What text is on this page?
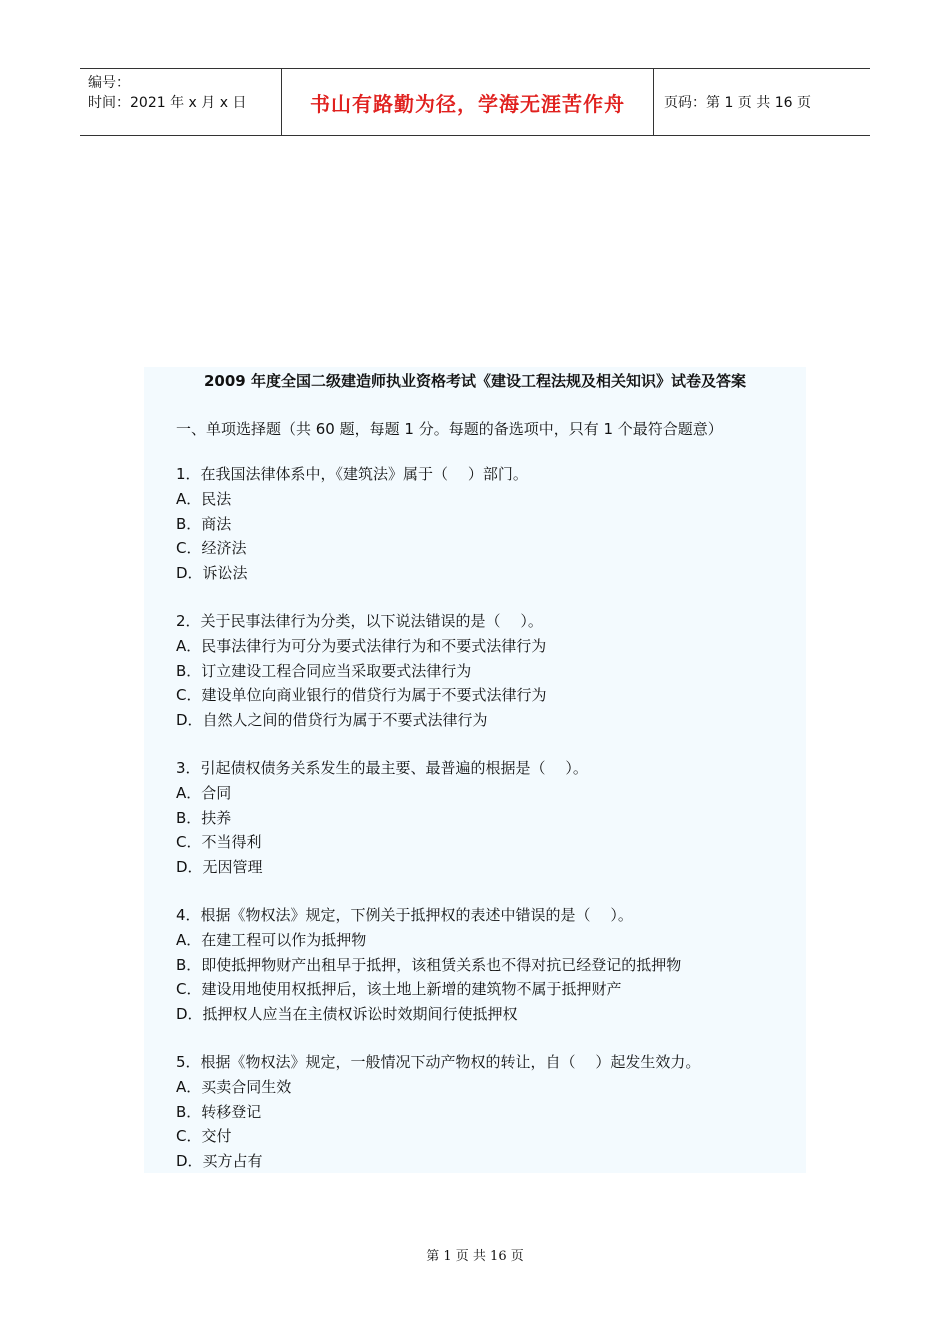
编号：
时间：2021 年 x 月 x 日	书山有路勤为径，学海无涯苦作舟	页码：第 1 页 共 16 页
2009 年度全国二级建造师执业资格考试《建设工程法规及相关知识》试卷及答案
一、单项选择题（共 60 题，每题 1 分。每题的备选项中，只有 1 个最符合题意）
1．在我国法律体系中，《建筑法》属于（　 ）部门。
A．民法
B．商法
C．经济法
D．诉讼法
2．关于民事法律行为分类，以下说法错误的是（　 ）。
A．民事法律行为可分为要式法律行为和不要式法律行为
B．订立建设工程合同应当采取要式法律行为
C．建设单位向商业银行的借贷行为属于不要式法律行为
D．自然人之间的借贷行为属于不要式法律行为
3．引起债权债务关系发生的最主要、最普遍的根据是（　 ）。
A．合同
B．扶养
C．不当得利
D．无因管理
4．根据《物权法》规定，下例关于抵押权的表述中错误的是（　 ）。
A．在建工程可以作为抵押物
B．即使抵押物财产出租早于抵押，该租赁关系也不得对抗已经登记的抵押物
C．建设用地使用权抵押后，该土地上新增的建筑物不属于抵押财产
D．抵押权人应当在主债权诉讼时效期间行使抵押权
5．根据《物权法》规定，一般情况下动产物权的转让，自（　 ）起发生效力。
A．买卖合同生效
B．转移登记
C．交付
D．买方占有
第 1 页 共 16 页
